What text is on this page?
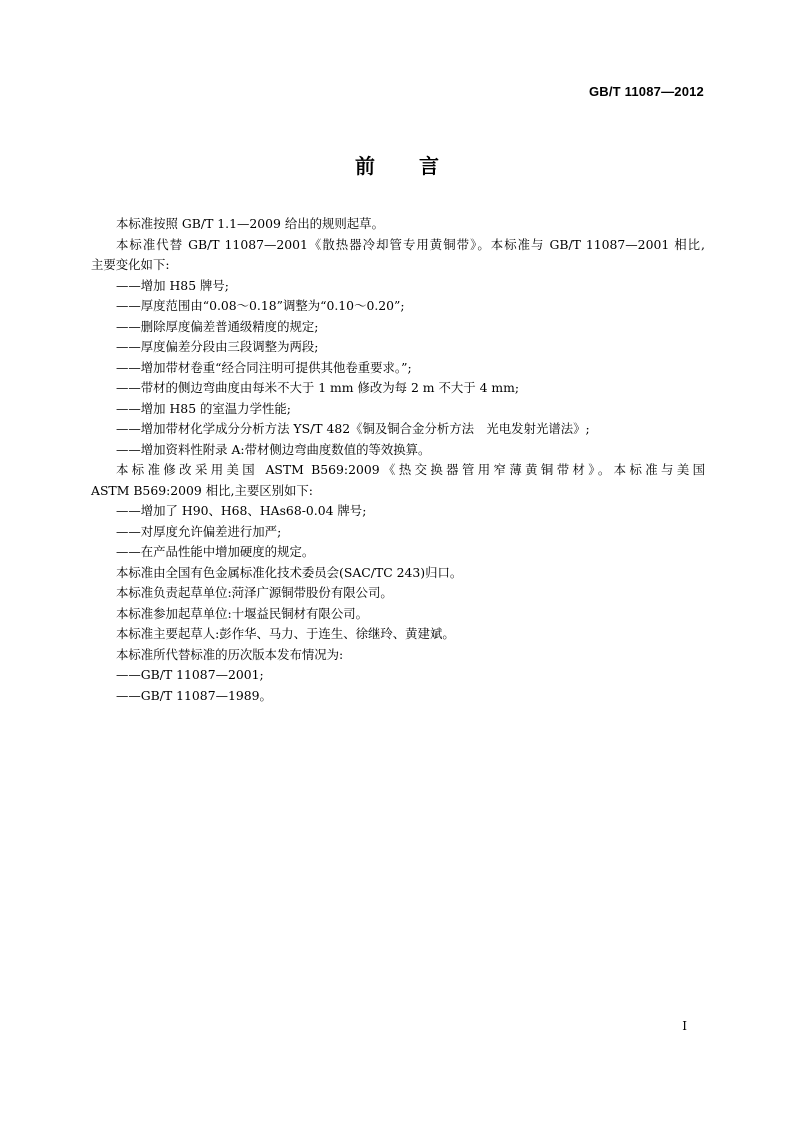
GB/T 11087—2012
前言

本标准按照 GB/T 1.1—2009 给出的规则起草。

本标准代替 GB/T 11087—2001《散热器冷却管专用黄铜带》。本标准与 GB/T 11087—2001 相比,

主要变化如下:

——增加 H85 牌号;

——厚度范围由“0.08～0.18”调整为“0.10～0.20”;

——删除厚度偏差普通级精度的规定;

——厚度偏差分段由三段调整为两段;

——增加带材卷重“经合同注明可提供其他卷重要求。”;

——带材的侧边弯曲度由每米不大于 1 mm 修改为每 2 m 不大于 4 mm;

——增加 H85 的室温力学性能;

——增加带材化学成分分析方法 YS/T 482《铜及铜合金分析方法　光电发射光谱法》;

——增加资料性附录 A:带材侧边弯曲度数值的等效换算。

本标准修改采用美国 ASTM B569:2009《热交换器管用窄薄黄铜带材》。本标准与美国

ASTM B569:2009 相比,主要区别如下:

——增加了 H90、H68、HAs68-0.04 牌号;

——对厚度允许偏差进行加严;

——在产品性能中增加硬度的规定。

本标准由全国有色金属标准化技术委员会(SAC/TC 243)归口。

本标准负责起草单位:菏泽广源铜带股份有限公司。

本标准参加起草单位:十堰益民铜材有限公司。

本标准主要起草人:彭作华、马力、于连生、徐继玲、黄建斌。

本标准所代替标准的历次版本发布情况为:

——GB/T 11087—2001;

——GB/T 11087—1989。

I
